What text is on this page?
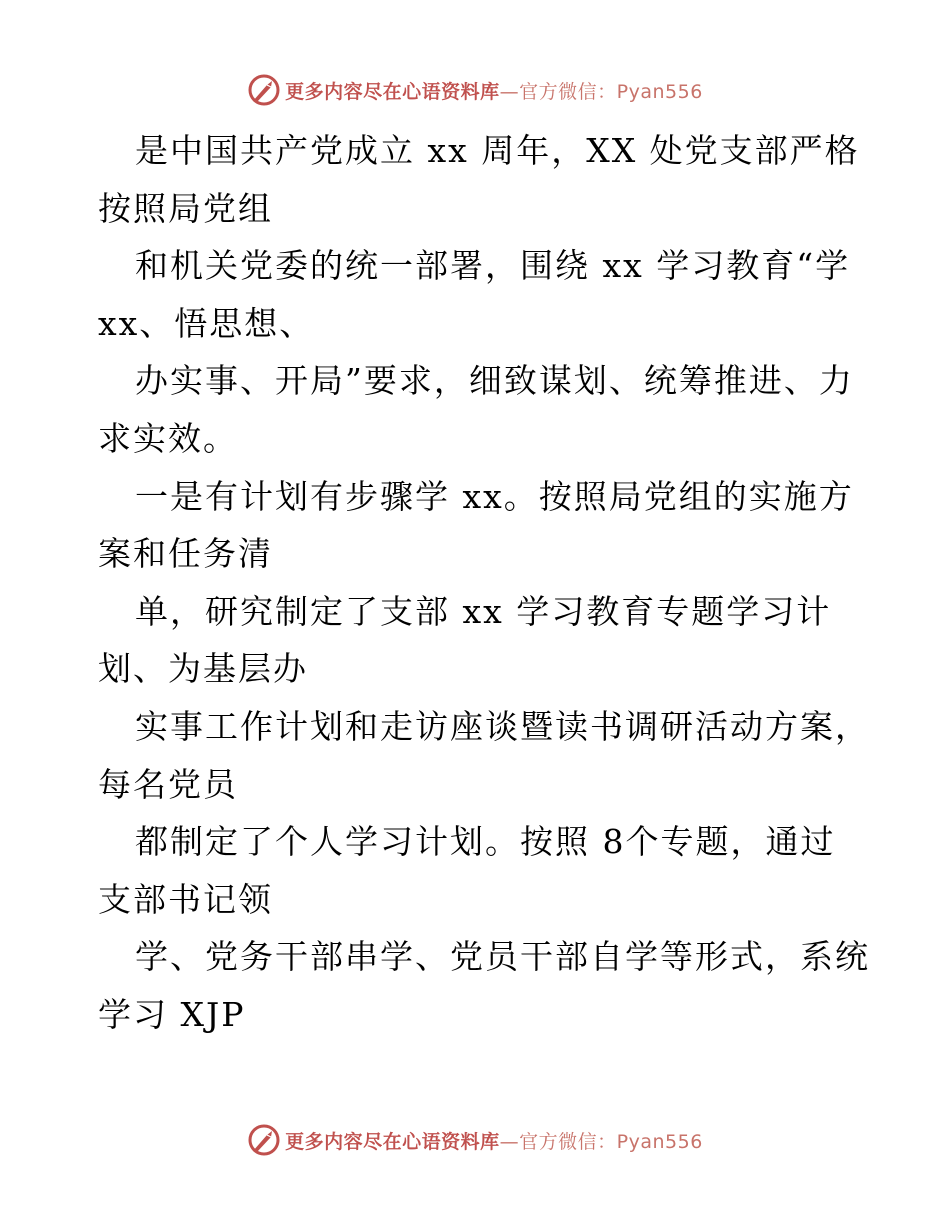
更多内容尽在心语资料库—官方微信：Pyan556
是中国共产党成立 xx 周年，XX 处党支部严格
按照局党组
和机关党委的统一部署，围绕 xx 学习教育“学
xx、悟思想、
办实事、开局”要求，细致谋划、统筹推进、力
求实效。
一是有计划有步骤学 xx。按照局党组的实施方
案和任务清
单，研究制定了支部 xx 学习教育专题学习计
划、为基层办
实事工作计划和走访座谈暨读书调研活动方案，
每名党员
都制定了个人学习计划。按照 8个专题，通过
支部书记领
学、党务干部串学、党员干部自学等形式，系统
学习 XJP
更多内容尽在心语资料库—官方微信：Pyan556
